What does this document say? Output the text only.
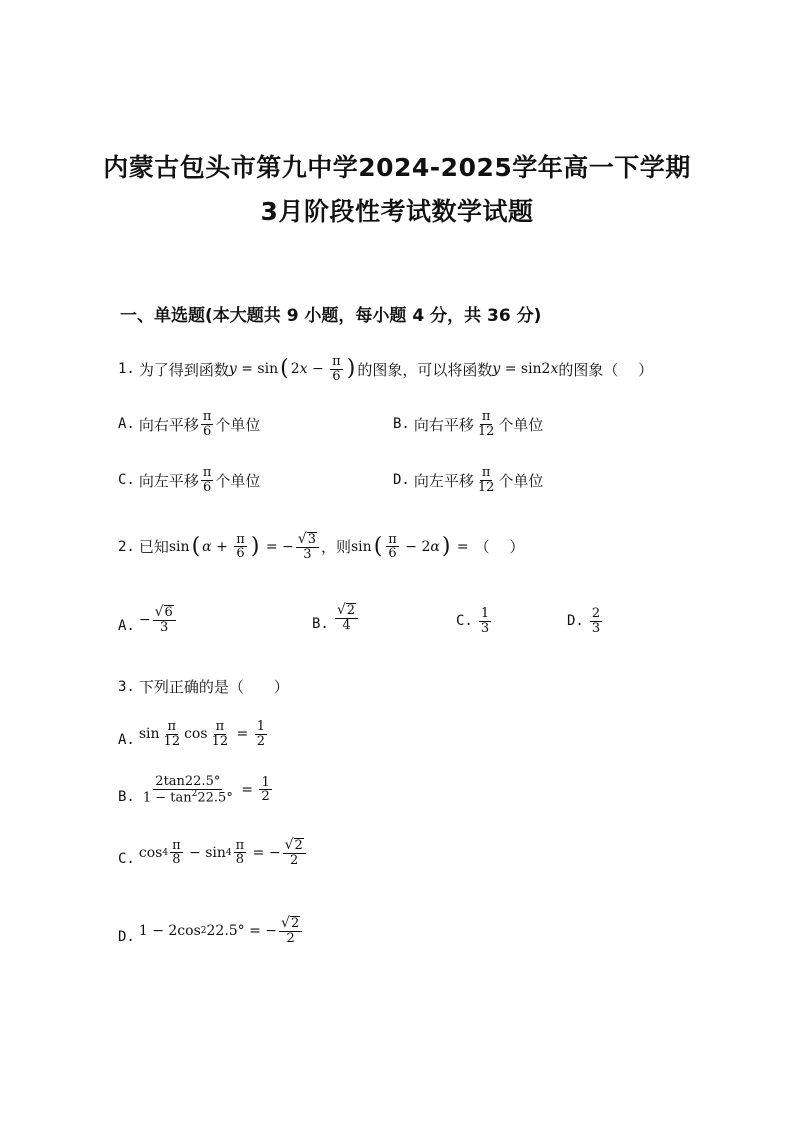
内蒙古包头市第九中学2024-2025学年高一下学期
3月阶段性考试数学试题
一、单选题(本大题共 9 小题，每小题 4 分，共 36 分)
1. 为了得到函数 y = sin ( 2 $x - \frac{\pi}{6}$ ) 的图象，可以将函数 y = sin2 x 的图象（　 ）
A. 向右平移 $\frac{\pi}{6}$ 个单位	B. 向右平移 $\frac{\pi}{12}$ 个单位
C. 向左平移 $\frac{\pi}{6}$ 个单位	D. 向左平移 $\frac{\pi}{12}$ 个单位
2. 已知 sin ( $\alpha + \frac{\pi}{6}$ ) = − $\frac{√ 3}{3}$ ，则 sin ( $\frac{\pi}{6} - 2$ α ) = （　 ）
A. − $\frac{√ 6}{3}$	B. $\frac{√ 2}{4}$	C. $\frac{1}{3}$	D. $\frac{2}{3}$
3. 下列正确的是（　　）
A. $\sin \frac{\pi}{12}$ $\cos \frac{\pi}{12} = \frac{1}{2}$
B. $\frac{2\tan 22.5^\circ}{1 - \tan^222.5^\circ} = \frac{1}{2}$
C. $\cos 4 \frac{\pi}{8} - \sin 4 \frac{\pi}{8}$ = − $\frac{√ 2}{2}$
D. 1 − 2cos 2 22.5° = − $\frac{√ 2}{2}$
